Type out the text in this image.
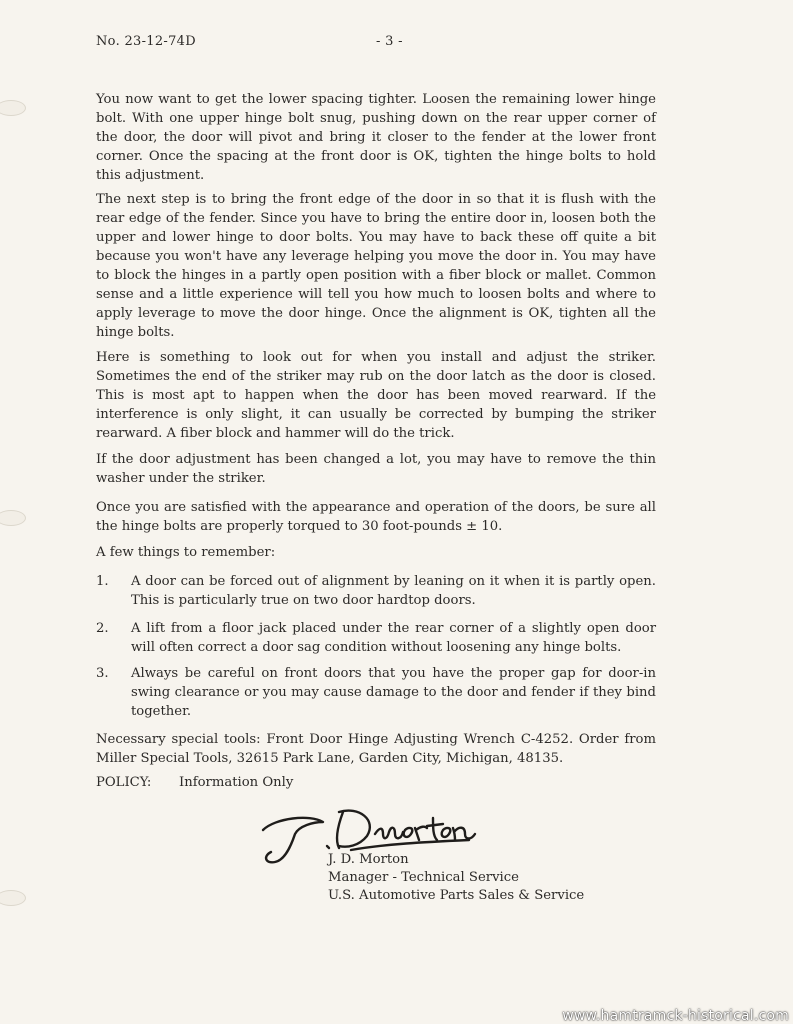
No. 23-12-74D	- 3 -
You now want to get the lower spacing tighter. Loosen the remaining lower hinge bolt. With one upper hinge bolt snug, pushing down on the rear upper corner of the door, the door will pivot and bring it closer to the fender at the lower front corner. Once the spacing at the front door is OK, tighten the hinge bolts to hold this adjustment.
The next step is to bring the front edge of the door in so that it is flush with the rear edge of the fender. Since you have to bring the entire door in, loosen both the upper and lower hinge to door bolts. You may have to back these off quite a bit because you won't have any leverage helping you move the door in. You may have to block the hinges in a partly open position with a fiber block or mallet. Common sense and a little experience will tell you how much to loosen bolts and where to apply leverage to move the door hinge. Once the alignment is OK, tighten all the hinge bolts.
Here is something to look out for when you install and adjust the striker. Sometimes the end of the striker may rub on the door latch as the door is closed. This is most apt to happen when the door has been moved rearward. If the interference is only slight, it can usually be corrected by bumping the striker rearward. A fiber block and hammer will do the trick.
If the door adjustment has been changed a lot, you may have to remove the thin washer under the striker.
Once you are satisfied with the appearance and operation of the doors, be sure all the hinge bolts are properly torqued to 30 foot-pounds ± 10.
A few things to remember:
1. A door can be forced out of alignment by leaning on it when it is partly open. This is particularly true on two door hardtop doors.
2. A lift from a floor jack placed under the rear corner of a slightly open door will often correct a door sag condition without loosening any hinge bolts.
3. Always be careful on front doors that you have the proper gap for door-in swing clearance or you may cause damage to the door and fender if they bind together.
Necessary special tools: Front Door Hinge Adjusting Wrench C-4252. Order from Miller Special Tools, 32615 Park Lane, Garden City, Michigan, 48135.
POLICY: Information Only
J. D. Morton
Manager - Technical Service
U.S. Automotive Parts Sales & Service
www.hamtramck-historical.com
